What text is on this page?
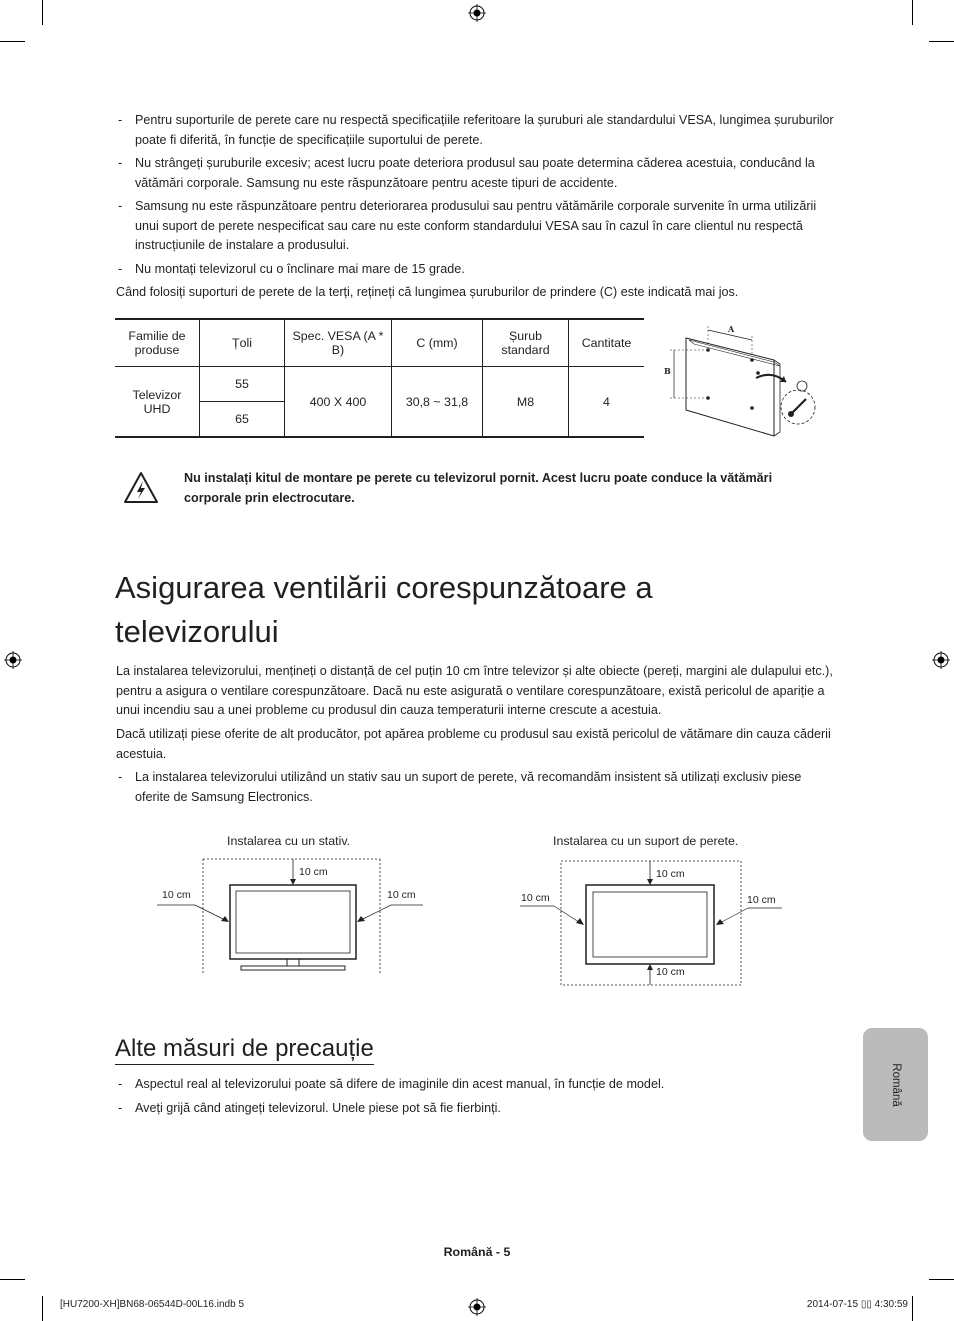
- Pentru suporturile de perete care nu respectă specificațiile referitoare la șuruburi ale standardului VESA, lungimea șuruburilor poate fi diferită, în funcție de specificațiile suportului de perete.
- Nu strângeți șuruburile excesiv; acest lucru poate deteriora produsul sau poate determina căderea acestuia, conducând la vătămări corporale. Samsung nu este răspunzătoare pentru aceste tipuri de accidente.
- Samsung nu este răspunzătoare pentru deteriorarea produsului sau pentru vătămările corporale survenite în urma utilizării unui suport de perete nespecificat sau care nu este conform standardului VESA sau în cazul în care clientul nu respectă instrucțiunile de instalare a produsului.
- Nu montați televizorul cu o înclinare mai mare de 15 grade.
Când folosiți suporturi de perete de la terți, rețineți că lungimea șuruburilor de prindere (C) este indicată mai jos.
Familie de produse	Țoli	Spec. VESA (A * B)	C (mm)	Șurub standard	Cantitate
Televizor UHD	55	400 X 400	30,8 ~ 31,8	M8	4
	65				
A
B
Nu instalați kitul de montare pe perete cu televizorul pornit. Acest lucru poate conduce la vătămări corporale prin electrocutare.
Asigurarea ventilării corespunzătoare a televizorului
La instalarea televizorului, mențineți o distanță de cel puțin 10 cm între televizor și alte obiecte (pereți, margini ale dulapului etc.), pentru a asigura o ventilare corespunzătoare. Dacă nu este asigurată o ventilare corespunzătoare, există pericolul de apariție a unui incendiu sau a unei probleme cu produsul din cauza temperaturii interne crescute a acestuia.
Dacă utilizați piese oferite de alt producător, pot apărea probleme cu produsul sau există pericolul de vătămare din cauza căderii acestuia.
- La instalarea televizorului utilizând un stativ sau un suport de perete, vă recomandăm insistent să utilizați exclusiv piese oferite de Samsung Electronics.
Instalarea cu un stativ.
10 cm
10 cm	10 cm
Instalarea cu un suport de perete.
10 cm
10 cm	10 cm
10 cm
Alte măsuri de precauție
- Aspectul real al televizorului poate să difere de imaginile din acest manual, în funcție de model.
- Aveți grijă când atingeți televizorul. Unele piese pot să fie fierbinți.
Română
Română - 5
[HU7200-XH]BN68-06544D-00L16.indb 5	2014-07-15 ▯▯ 4:30:59
